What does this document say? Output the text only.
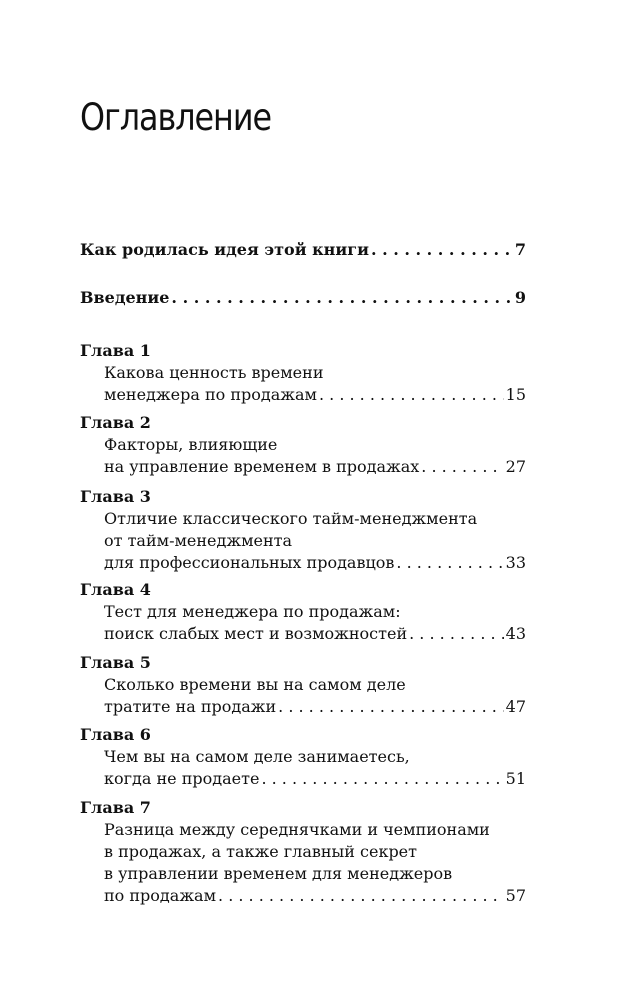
Оглавление
Как родилась идея этой книги . . .	7
Введение . . .	9
Глава 1
Какова ценность времени
менеджера по продажам . . .	15
Глава 2
Факторы, влияющие
на управление временем в продажах . . .	27
Глава 3
Отличие классического тайм-менеджмента
от тайм-менеджмента
для профессиональных продавцов . . .	33
Глава 4
Тест для менеджера по продажам:
поиск слабых мест и возможностей . . .	43
Глава 5
Сколько времени вы на самом деле
тратите на продажи . . .	47
Глава 6
Чем вы на самом деле занимаетесь,
когда не продаете . . .	51
Глава 7
Разница между середнячками и чемпионами
в продажах, а также главный секрет
в управлении временем для менеджеров
по продажам . . .	57
